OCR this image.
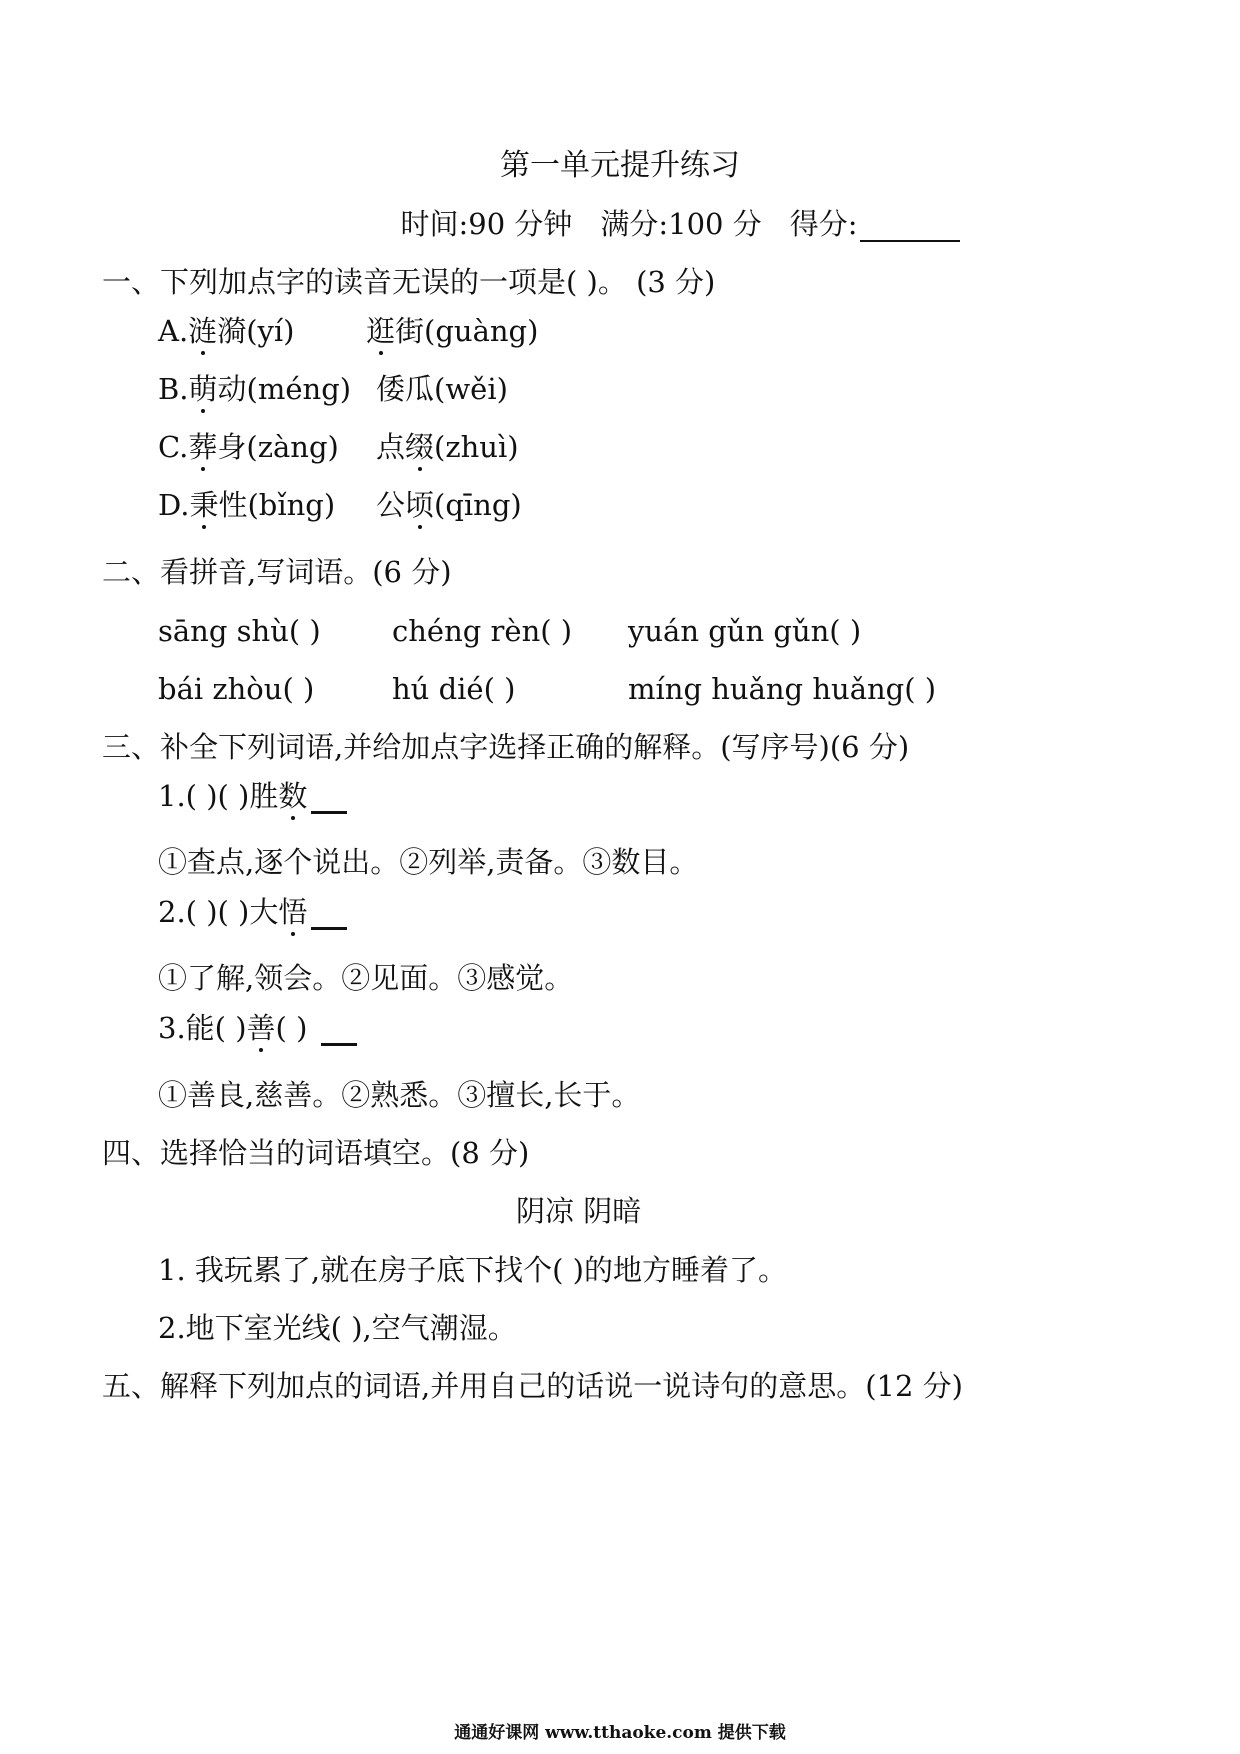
第一单元提升练习
时间:90 分钟 满分:100 分 得分:
一、下列加点字的读音无误的一项是( )。 (3 分)
A.涟漪(yí) 逛街(guàng)
B.萌动(méng) 倭瓜(wěi)
C.葬身(zàng) 点缀(zhuì)
D.秉性(bǐng) 公顷(qīng)
二、看拼音,写词语。(6 分)
sāng shù( ) chéng rèn( ) yuán gǔn gǔn( )
bái zhòu( )	hú dié( )	míng huǎng huǎng( )
三、补全下列词语,并给加点字选择正确的解释。(写序号)(6 分)
1.( )( )胜数
①查点,逐个说出。②列举,责备。③数目。
2.( )( )大悟
①了解,领会。②见面。③感觉。
3.能( )善( )
①善良,慈善。②熟悉。③擅长,长于。
四、选择恰当的词语填空。(8 分)
阴凉 阴暗
1. 我玩累了,就在房子底下找个( )的地方睡着了。
2.地下室光线( ),空气潮湿。
五、解释下列加点的词语,并用自己的话说一说诗句的意思。(12 分)
通通好课网 www.tthaoke.com 提供下载
